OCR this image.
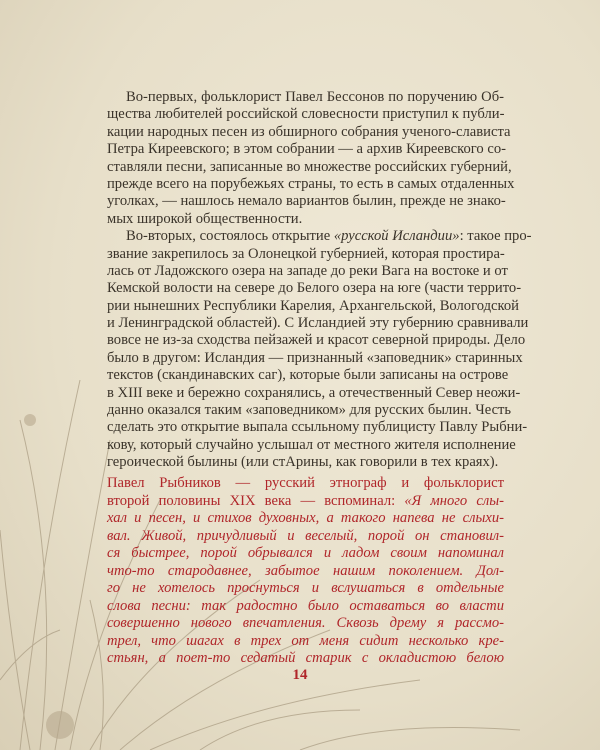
Во-первых, фольклорист Павел Бессонов по поручению Об-
щества любителей российской словесности приступил к публи-
кации народных песен из обширного собрания ученого-слависта
Петра Киреевского; в этом собрании — а архив Киреевского со-
ставляли песни, записанные во множестве российских губерний,
прежде всего на порубежьях страны, то есть в самых отдаленных
уголках, — нашлось немало вариантов былин, прежде не знако-
мых широкой общественности.
Во-вторых, состоялось открытие «русской Исландии»: такое про-
звание закрепилось за Олонецкой губернией, которая простира-
лась от Ладожского озера на западе до реки Вага на востоке и от
Кемской волости на севере до Белого озера на юге (части террито-
рии нынешних Республики Карелия, Архангельской, Вологодской
и Ленинградской областей). С Исландией эту губернию сравнивали
вовсе не из-за сходства пейзажей и красот северной природы. Дело
было в другом: Исландия — признанный «заповедник» старинных
текстов (скандинавских саг), которые были записаны на острове
в XIII веке и бережно сохранялись, а отечественный Север неожи-
данно оказался таким «заповедником» для русских былин. Честь
сделать это открытие выпала ссыльному публицисту Павлу Рыбни-
кову, который случайно услышал от местного жителя исполнение
героической былины (или стАрины, как говорили в тех краях).
Павел Рыбников — русский этнограф и фольклорист
второй половины XIX века — вспоминал: «Я много слы-
хал и песен, и стихов духовных, а такого напева не слыхи-
вал. Живой, причудливый и веселый, порой он становил-
ся быстрее, порой обрывался и ладом своим напоминал
что-то стародавнее, забытое нашим поколением. Дол-
го не хотелось проснуться и вслушаться в отдельные
слова песни: так радостно было оставаться во власти
совершенно нового впечатления. Сквозь дрему я рассмо-
трел, что шагах в трех от меня сидит несколько кре-
стьян, а поет-то седатый старик с окладистою белою
14
